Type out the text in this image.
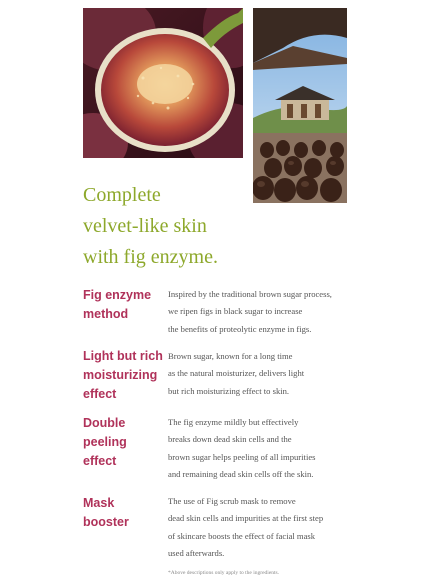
Complete
velvet-like skin
with fig enzyme.
Fig enzyme
method

Inspired by the traditional brown sugar process,
we ripen figs in black sugar to increase
the benefits of proteolytic enzyme in figs.

Light but rich
moisturizing
effect

Brown sugar, known for a long time
as the natural moisturizer, delivers light
but rich moisturizing effect to skin.

Double
peeling
effect

The fig enzyme mildly but effectively
breaks down dead skin cells and the
brown sugar helps peeling of all impurities
and remaining dead skin cells off the skin.

Mask
booster

The use of Fig scrub mask to remove
dead skin cells and impurities at the first step
of skincare boosts the effect of facial mask
used afterwards.

*Above descriptions only apply to the ingredients.
